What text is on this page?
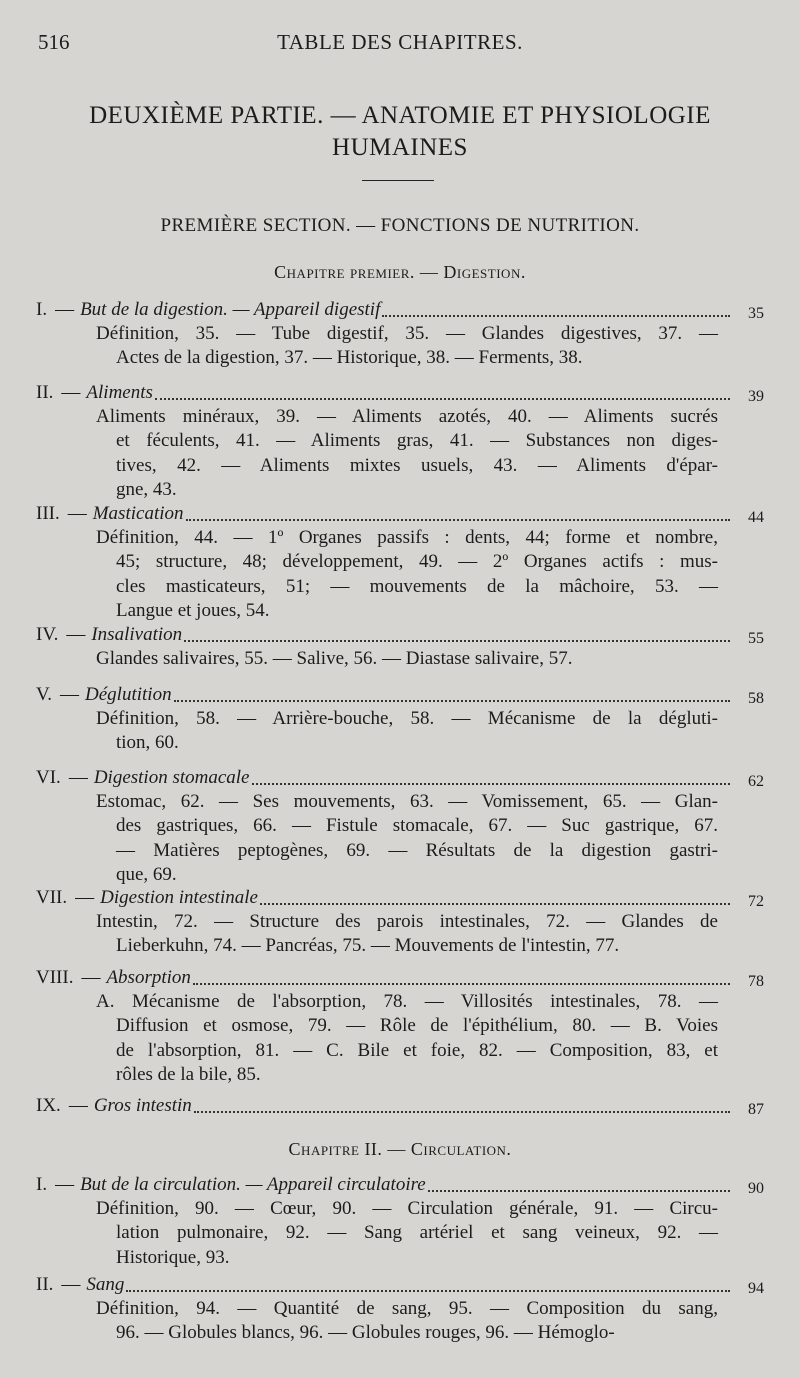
516	TABLE DES CHAPITRES.
DEUXIÈME PARTIE. — ANATOMIE ET PHYSIOLOGIE
HUMAINES
PREMIÈRE SECTION. — FONCTIONS DE NUTRITION.
Chapitre premier. — Digestion.
I. — But de la digestion. — Appareil digestif	35
Définition, 35. — Tube digestif, 35. — Glandes digestives, 37. —
Actes de la digestion, 37. — Historique, 38. — Ferments, 38.
II. — Aliments	39
Aliments minéraux, 39. — Aliments azotés, 40. — Aliments sucrés
et féculents, 41. — Aliments gras, 41. — Substances non diges-
tives, 42. — Aliments mixtes usuels, 43. — Aliments d'épar-
gne, 43.
III. — Mastication	44
Définition, 44. — 1º Organes passifs : dents, 44; forme et nombre,
45; structure, 48; développement, 49. — 2º Organes actifs : mus-
cles masticateurs, 51; — mouvements de la mâchoire, 53. —
Langue et joues, 54.
IV. — Insalivation	55
Glandes salivaires, 55. — Salive, 56. — Diastase salivaire, 57.
V. — Déglutition	58
Définition, 58. — Arrière-bouche, 58. — Mécanisme de la dégluti-
tion, 60.
VI. — Digestion stomacale	62
Estomac, 62. — Ses mouvements, 63. — Vomissement, 65. — Glan-
des gastriques, 66. — Fistule stomacale, 67. — Suc gastrique, 67.
— Matières peptogènes, 69. — Résultats de la digestion gastri-
que, 69.
VII. — Digestion intestinale	72
Intestin, 72. — Structure des parois intestinales, 72. — Glandes de
Lieberkuhn, 74. — Pancréas, 75. — Mouvements de l'intestin, 77.
VIII. — Absorption	78
A. Mécanisme de l'absorption, 78. — Villosités intestinales, 78. —
Diffusion et osmose, 79. — Rôle de l'épithélium, 80. — B. Voies
de l'absorption, 81. — C. Bile et foie, 82. — Composition, 83, et
rôles de la bile, 85.
IX. — Gros intestin	87
Chapitre II. — Circulation.
I. — But de la circulation. — Appareil circulatoire	90
Définition, 90. — Cœur, 90. — Circulation générale, 91. — Circu-
lation pulmonaire, 92. — Sang artériel et sang veineux, 92. —
Historique, 93.
II. — Sang	94
Définition, 94. — Quantité de sang, 95. — Composition du sang,
96. — Globules blancs, 96. — Globules rouges, 96. — Hémoglo-
